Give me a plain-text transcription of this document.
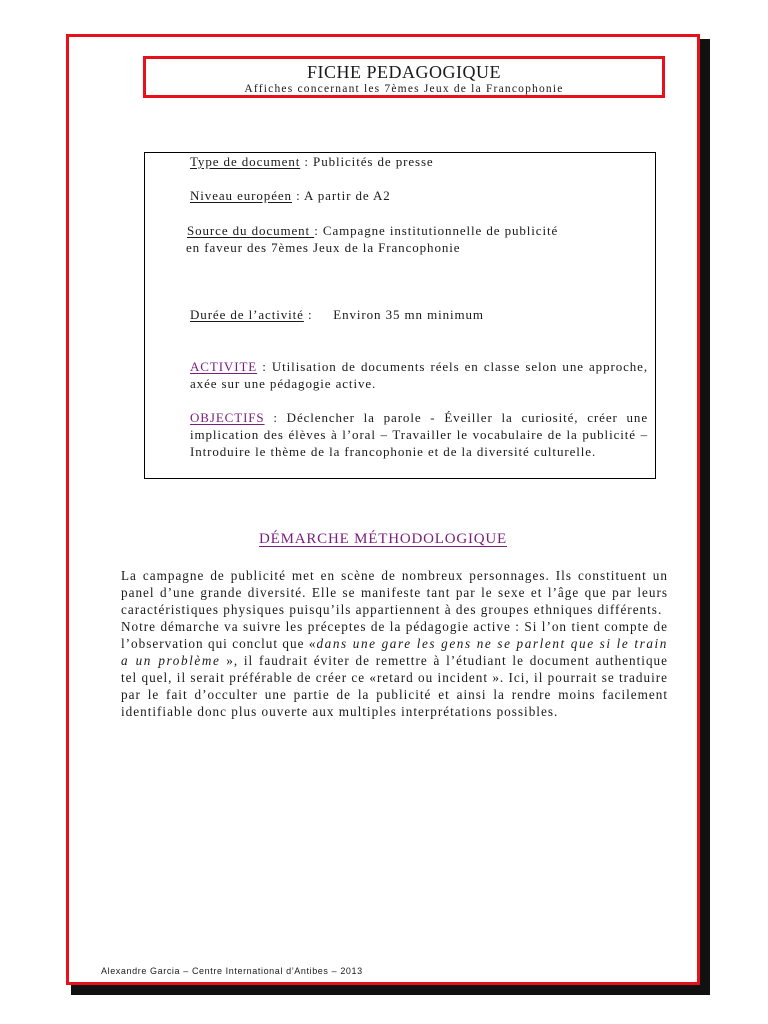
FICHE PEDAGOGIQUE
Affiches concernant les 7èmes Jeux de la Francophonie
Type de document : Publicités de presse
Niveau européen : A partir de A2
Source du document : Campagne institutionnelle de publicité
en faveur des 7èmes Jeux de la Francophonie
Durée de l’activité :     Environ 35 mn minimum
ACTIVITE : Utilisation de documents réels en classe selon une approche, axée sur une pédagogie active.
OBJECTIFS : Déclencher la parole - Éveiller la curiosité, créer une implication des élèves à l’oral – Travailler le vocabulaire de la publicité – Introduire le thème de la francophonie et de la diversité culturelle.
DÉMARCHE MÉTHODOLOGIQUE

La campagne de publicité met en scène de nombreux personnages. Ils constituent un panel d’une grande diversité. Elle se manifeste tant par le sexe et l’âge que par leurs caractéristiques physiques puisqu’ils appartiennent à des groupes ethniques différents.

Notre démarche va suivre les préceptes de la pédagogie active : Si l’on tient compte de l’observation qui conclut que «dans une gare les gens ne se parlent que si le train a un problème », il faudrait éviter de remettre à l’étudiant le document authentique tel quel, il serait préférable de créer ce «retard ou incident ». Ici, il pourrait se traduire par le fait d’occulter une partie de la publicité et ainsi la rendre moins facilement identifiable donc plus ouverte aux multiples interprétations possibles.

Alexandre Garcia – Centre International d’Antibes – 2013
